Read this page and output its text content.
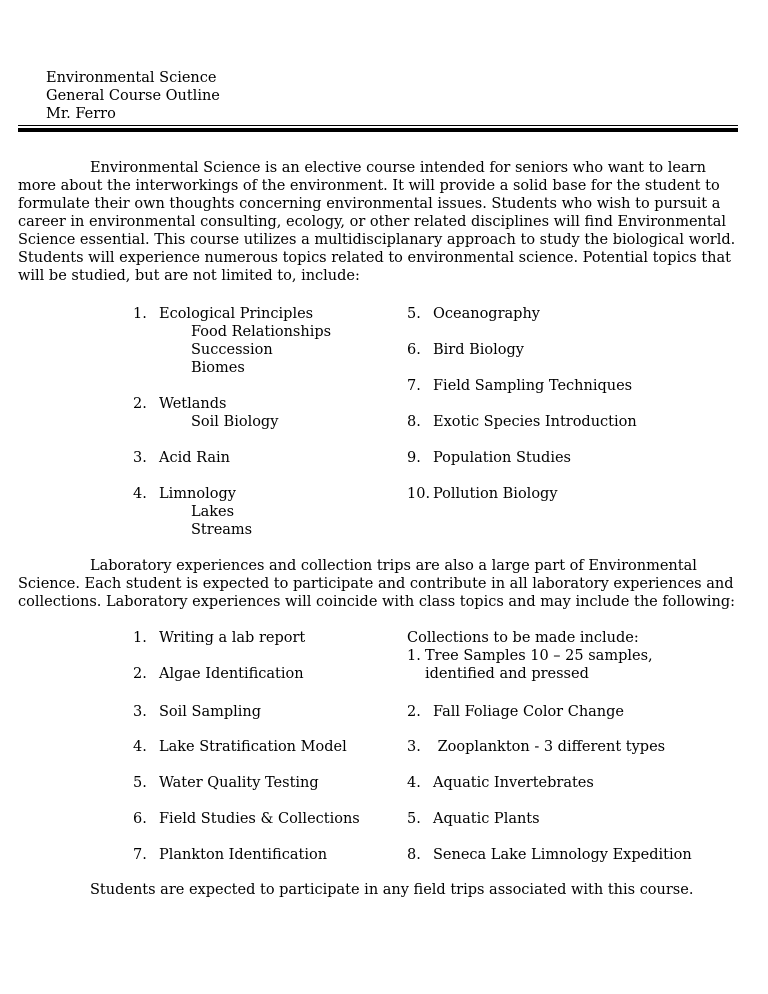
Environmental Science
General Course Outline
Mr. Ferro

Environmental Science is an elective course intended for seniors who want to learn more about the interworkings of the environment. It will provide a solid base for the student to formulate their own thoughts concerning environmental issues. Students who wish to pursuit a career in environmental consulting, ecology, or other related disciplines will find Environmental Science essential. This course utilizes a multidisciplanary approach to study the biological world. Students will experience numerous topics related to environmental science. Potential topics that will be studied, but are not limited to, include:

1. Ecological Principles
Food Relationships
Succession
Biomes
2. Wetlands
Soil Biology
3. Acid Rain
4. Limnology
Lakes
Streams
5. Oceanography
6. Bird Biology
7. Field Sampling Techniques
8. Exotic Species Introduction
9. Population Studies
10. Pollution Biology

Laboratory experiences and collection trips are also a large part of Environmental Science. Each student is expected to participate and contribute in all laboratory experiences and collections. Laboratory experiences will coincide with class topics and may include the following:

1. Writing a lab report
2. Algae Identification
3. Soil Sampling
4. Lake Stratification Model
5. Water Quality Testing
6. Field Studies & Collections
7. Plankton Identification
Collections to be made include:
1. Tree Samples 10 – 25 samples,
identified and pressed
2. Fall Foliage Color Change
3. Zooplankton - 3 different types
4. Aquatic Invertebrates
5. Aquatic Plants
8. Seneca Lake Limnology Expedition
Students are expected to participate in any field trips associated with this course.
